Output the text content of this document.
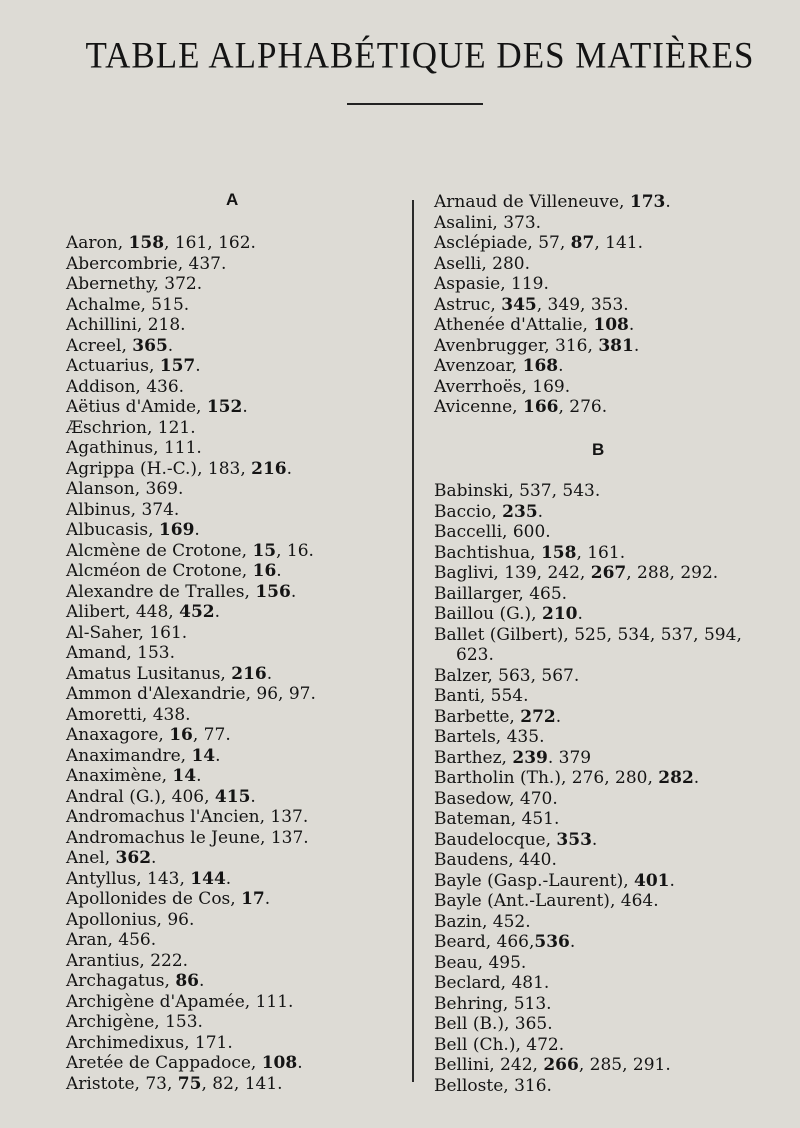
TABLE ALPHABÉTIQUE DES MATIÈRES
A
Aaron, 158, 161, 162.
Abercombrie, 437.
Abernethy, 372.
Achalme, 515.
Achillini, 218.
Acreel, 365.
Actuarius, 157.
Addison, 436.
Aëtius d'Amide, 152.
Æschrion, 121.
Agathinus, 111.
Agrippa (H.-C.), 183, 216.
Alanson, 369.
Albinus, 374.
Albucasis, 169.
Alcmène de Crotone, 15, 16.
Alcméon de Crotone, 16.
Alexandre de Tralles, 156.
Alibert, 448, 452.
Al-Saher, 161.
Amand, 153.
Amatus Lusitanus, 216.
Ammon d'Alexandrie, 96, 97.
Amoretti, 438.
Anaxagore, 16, 77.
Anaximandre, 14.
Anaximène, 14.
Andral (G.), 406, 415.
Andromachus l'Ancien, 137.
Andromachus le Jeune, 137.
Anel, 362.
Antyllus, 143, 144.
Apollonides de Cos, 17.
Apollonius, 96.
Aran, 456.
Arantius, 222.
Archagatus, 86.
Archigène d'Apamée, 111.
Archigène, 153.
Archimedixus, 171.
Aretée de Cappadoce, 108.
Aristote, 73, 75, 82, 141.
Arnaud de Villeneuve, 173.
Asalini, 373.
Asclépiade, 57, 87, 141.
Aselli, 280.
Aspasie, 119.
Astruc, 345, 349, 353.
Athenée d'Attalie, 108.
Avenbrugger, 316, 381.
Avenzoar, 168.
Averrhoës, 169.
Avicenne, 166, 276.
B
Babinski, 537, 543.
Baccio, 235.
Baccelli, 600.
Bachtishua, 158, 161.
Baglivi, 139, 242, 267, 288, 292.
Baillarger, 465.
Baillou (G.), 210.
Ballet (Gilbert), 525, 534, 537, 594,
623.
Balzer, 563, 567.
Banti, 554.
Barbette, 272.
Bartels, 435.
Barthez, 239. 379
Bartholin (Th.), 276, 280, 282.
Basedow, 470.
Bateman, 451.
Baudelocque, 353.
Baudens, 440.
Bayle (Gasp.-Laurent), 401.
Bayle (Ant.-Laurent), 464.
Bazin, 452.
Beard, 466,536.
Beau, 495.
Beclard, 481.
Behring, 513.
Bell (B.), 365.
Bell (Ch.), 472.
Bellini, 242, 266, 285, 291.
Belloste, 316.
